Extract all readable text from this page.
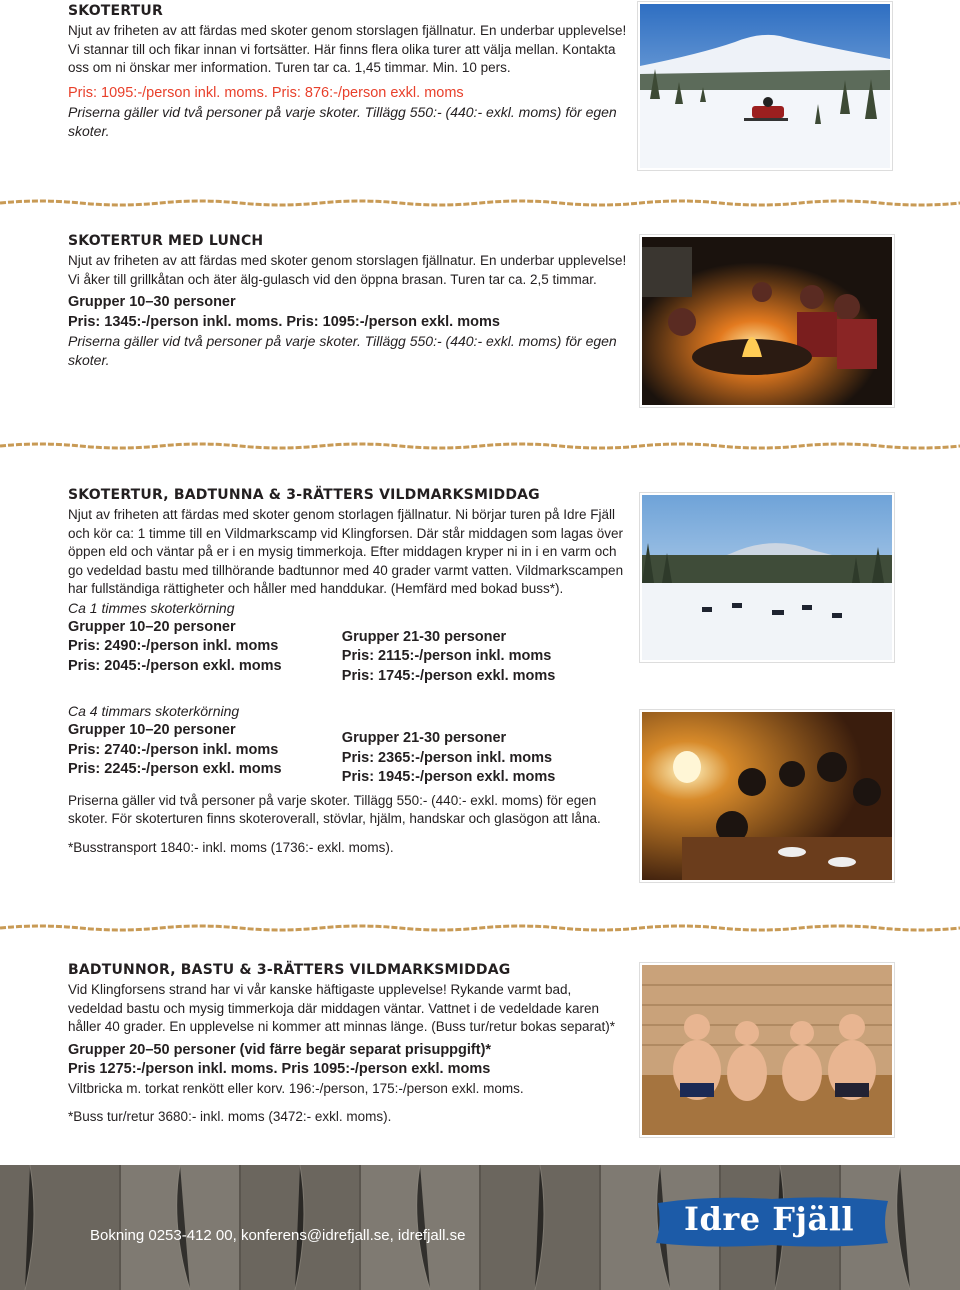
SKOTERTUR

Njut av friheten av att färdas med skoter genom storslagen fjällnatur. En underbar upplevelse! Vi stannar till och fikar innan vi fortsätter. Här finns flera olika turer att välja mellan. Kontakta oss om ni önskar mer information. Turen tar ca. 1,45 timmar. Min. 10 pers.

Pris: 1095:-/person inkl. moms. Pris: 876:-/person exkl. moms

Priserna gäller vid två personer på varje skoter. Tillägg 550:- (440:- exkl. moms) för egen skoter.

SKOTERTUR MED LUNCH

Njut av friheten av att färdas med skoter genom storslagen fjällnatur. En underbar upplevelse! Vi åker till grillkåtan och äter älg-gulasch vid den öppna brasan. Turen tar ca. 2,5 timmar.

Grupper 10–30 personer

Pris: 1345:-/person inkl. moms. Pris: 1095:-/person exkl. moms

Priserna gäller vid två personer på varje skoter. Tillägg 550:- (440:- exkl. moms) för egen skoter.

SKOTERTUR, BADTUNNA & 3-RÄTTERS VILDMARKSMIDDAG

Njut av friheten att färdas med skoter genom storlagen fjällnatur. Ni börjar turen på Idre Fjäll och kör ca: 1 timme till en Vildmarkscamp vid Klingforsen. Där står middagen som lagas över öppen eld och väntar på er i en mysig timmerkoja. Efter middagen kryper ni in i en varm och go vedeldad bastu med tillhörande badtunnor med 40 grader varmt vatten. Vildmarkscampen har fullständiga rättigheter och håller med handdukar. (Hemfärd med bokad buss*).

Ca 1 timmes skoterkörning

Grupper 10–20 personer

Pris: 2490:-/person inkl. moms

Pris: 2045:-/person exkl. moms

Grupper 21-30 personer

Pris: 2115:-/person inkl. moms

Pris: 1745:-/person exkl. moms

Ca 4 timmars skoterkörning

Grupper 10–20 personer

Pris: 2740:-/person inkl. moms

Pris: 2245:-/person exkl. moms

Grupper 21-30 personer

Pris: 2365:-/person inkl. moms

Pris: 1945:-/person exkl. moms

Priserna gäller vid två personer på varje skoter. Tillägg 550:- (440:- exkl. moms) för egen skoter. För skoterturen finns skoteroverall, stövlar, hjälm, handskar och glasögon att låna.

*Busstransport 1840:- inkl. moms (1736:- exkl. moms).

BADTUNNOR, BASTU & 3-RÄTTERS VILDMARKSMIDDAG

Vid Klingforsens strand har vi vår kanske häftigaste upplevelse! Rykande varmt bad, vedeldad bastu och mysig timmerkoja där middagen väntar. Vattnet i de vedeldade karen håller 40 grader. En upplevelse ni kommer att minnas länge. (Buss tur/retur bokas separat)*

Grupper 20–50 personer (vid färre begär separat prisuppgift)*

Pris 1275:-/person inkl. moms. Pris 1095:-/person exkl. moms

Viltbricka m. torkat renkött eller korv. 196:-/person, 175:-/person exkl. moms.

*Buss tur/retur 3680:- inkl. moms (3472:- exkl. moms).

Idre Fjäll
Bokning 0253-412 00, konferens@idrefjall.se, idrefjall.se
